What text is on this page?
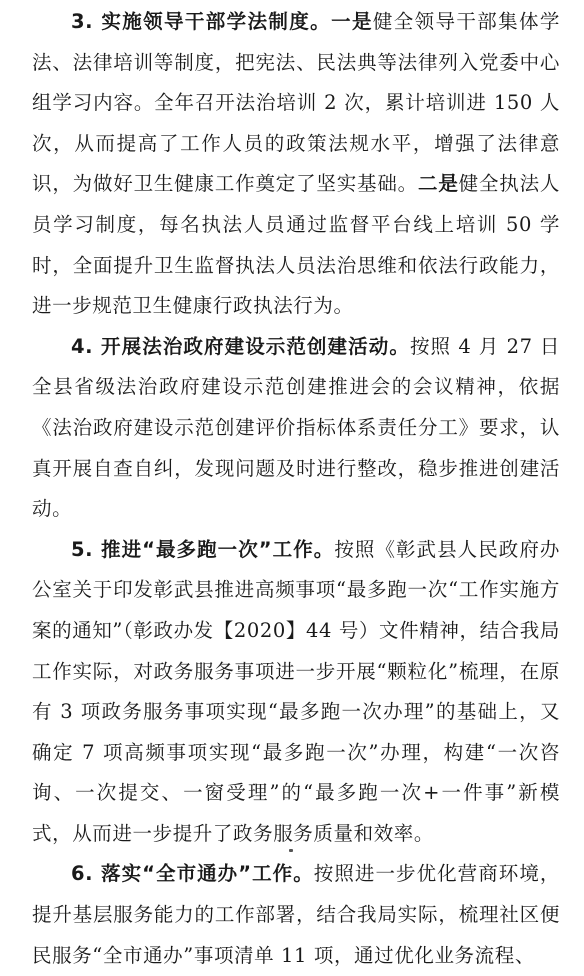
3. 实施领导干部学法制度。一是健全领导干部集体学法、法律培训等制度，把宪法、民法典等法律列入党委中心组学习内容。全年召开法治培训 2 次，累计培训进 150 人次，从而提高了工作人员的政策法规水平，增强了法律意识，为做好卫生健康工作奠定了坚实基础。二是健全执法人员学习制度，每名执法人员通过监督平台线上培训 50 学时，全面提升卫生监督执法人员法治思维和依法行政能力，进一步规范卫生健康行政执法行为。

4. 开展法治政府建设示范创建活动。按照 4 月 27 日全县省级法治政府建设示范创建推进会的会议精神，依据《法治政府建设示范创建评价指标体系责任分工》要求，认真开展自查自纠，发现问题及时进行整改，稳步推进创建活动。

5. 推进“最多跑一次”工作。按照《彰武县人民政府办公室关于印发彰武县推进高频事项“最多跑一次“工作实施方案的通知”（彰政办发【2020】44 号）文件精神，结合我局工作实际，对政务服务事项进一步开展“颗粒化”梳理，在原有 3 项政务服务事项实现“最多跑一次办理”的基础上，又确定 7 项高频事项实现“最多跑一次”办理，构建“一次咨询、一次提交、一窗受理”的“最多跑一次+一件事”新模式，从而进一步提升了政务服务质量和效率。

6. 落实“全市通办”工作。按照进一步优化营商环境，提升基层服务能力的工作部署，结合我局实际，梳理社区便民服务“全市通办”事项清单 11 项，通过优化业务流程、
